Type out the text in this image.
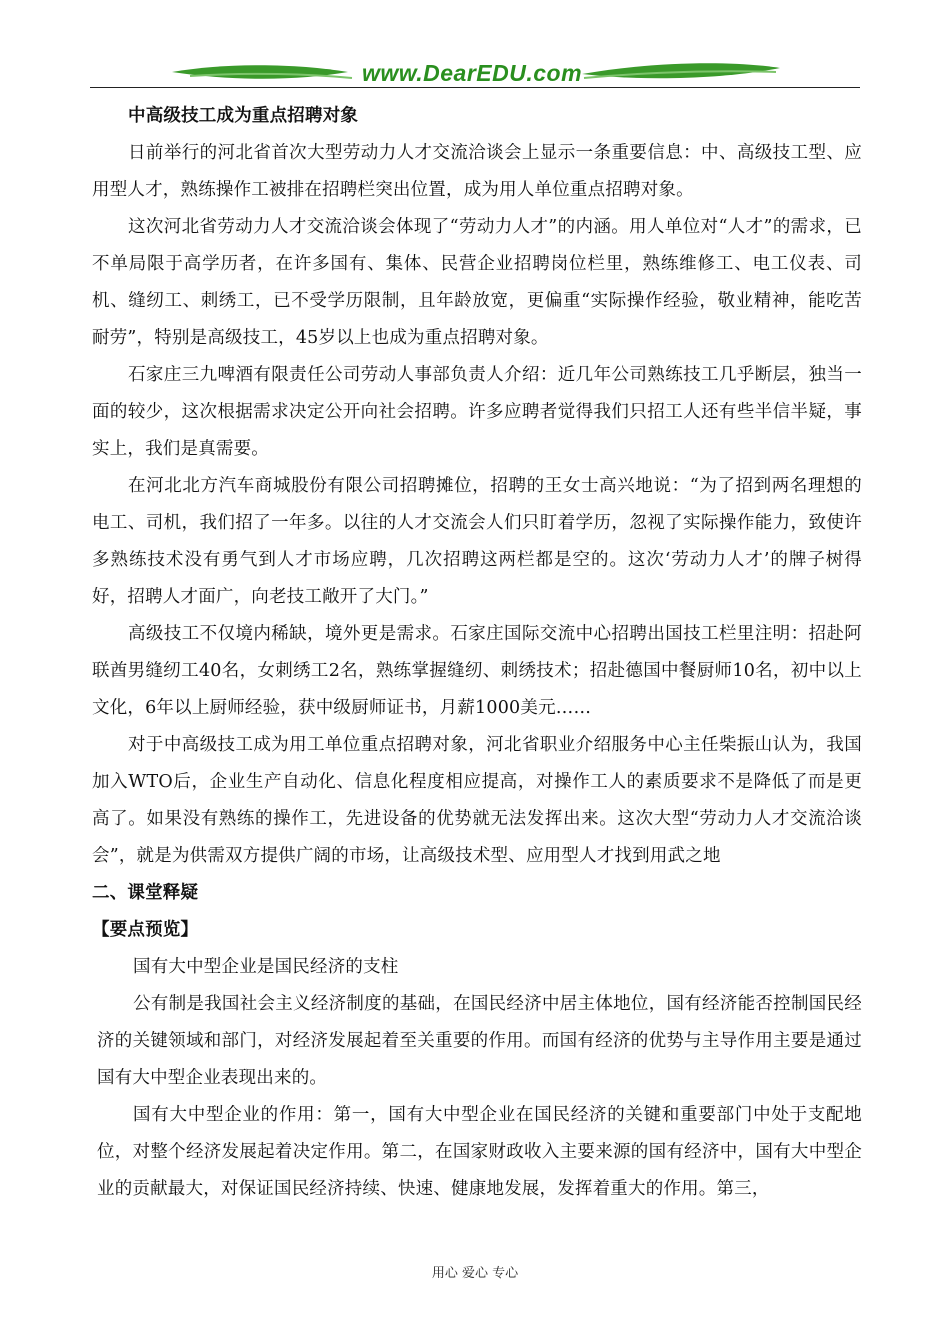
www.DearEDU.com

中高级技工成为重点招聘对象

日前举行的河北省首次大型劳动力人才交流洽谈会上显示一条重要信息：中、高级技工型、应用型人才，熟练操作工被排在招聘栏突出位置，成为用人单位重点招聘对象。

这次河北省劳动力人才交流洽谈会体现了“劳动力人才”的内涵。用人单位对“人才”的需求，已不单局限于高学历者，在许多国有、集体、民营企业招聘岗位栏里，熟练维修工、电工仪表、司机、缝纫工、刺绣工，已不受学历限制，且年龄放宽，更偏重“实际操作经验，敬业精神，能吃苦耐劳”，特别是高级技工，45岁以上也成为重点招聘对象。

石家庄三九啤酒有限责任公司劳动人事部负责人介绍：近几年公司熟练技工几乎断层，独当一面的较少，这次根据需求决定公开向社会招聘。许多应聘者觉得我们只招工人还有些半信半疑，事实上，我们是真需要。

在河北北方汽车商城股份有限公司招聘摊位，招聘的王女士高兴地说：“为了招到两名理想的电工、司机，我们招了一年多。以往的人才交流会人们只盯着学历，忽视了实际操作能力，致使许多熟练技术没有勇气到人才市场应聘，几次招聘这两栏都是空的。这次‘劳动力人才’的牌子树得好，招聘人才面广，向老技工敞开了大门。”

高级技工不仅境内稀缺，境外更是需求。石家庄国际交流中心招聘出国技工栏里注明：招赴阿联酋男缝纫工40名，女刺绣工2名，熟练掌握缝纫、刺绣技术；招赴德国中餐厨师10名，初中以上文化，6年以上厨师经验，获中级厨师证书，月薪1000美元……

对于中高级技工成为用工单位重点招聘对象，河北省职业介绍服务中心主任柴振山认为，我国加入WTO后，企业生产自动化、信息化程度相应提高，对操作工人的素质要求不是降低了而是更高了。如果没有熟练的操作工，先进设备的优势就无法发挥出来。这次大型“劳动力人才交流洽谈会”，就是为供需双方提供广阔的市场，让高级技术型、应用型人才找到用武之地

二、课堂释疑

【要点预览】

国有大中型企业是国民经济的支柱

公有制是我国社会主义经济制度的基础，在国民经济中居主体地位，国有经济能否控制国民经济的关键领域和部门，对经济发展起着至关重要的作用。而国有经济的优势与主导作用主要是通过国有大中型企业表现出来的。

国有大中型企业的作用：第一，国有大中型企业在国民经济的关键和重要部门中处于支配地位，对整个经济发展起着决定作用。第二，在国家财政收入主要来源的国有经济中，国有大中型企业的贡献最大，对保证国民经济持续、快速、健康地发展，发挥着重大的作用。第三，

用心 爱心 专心
